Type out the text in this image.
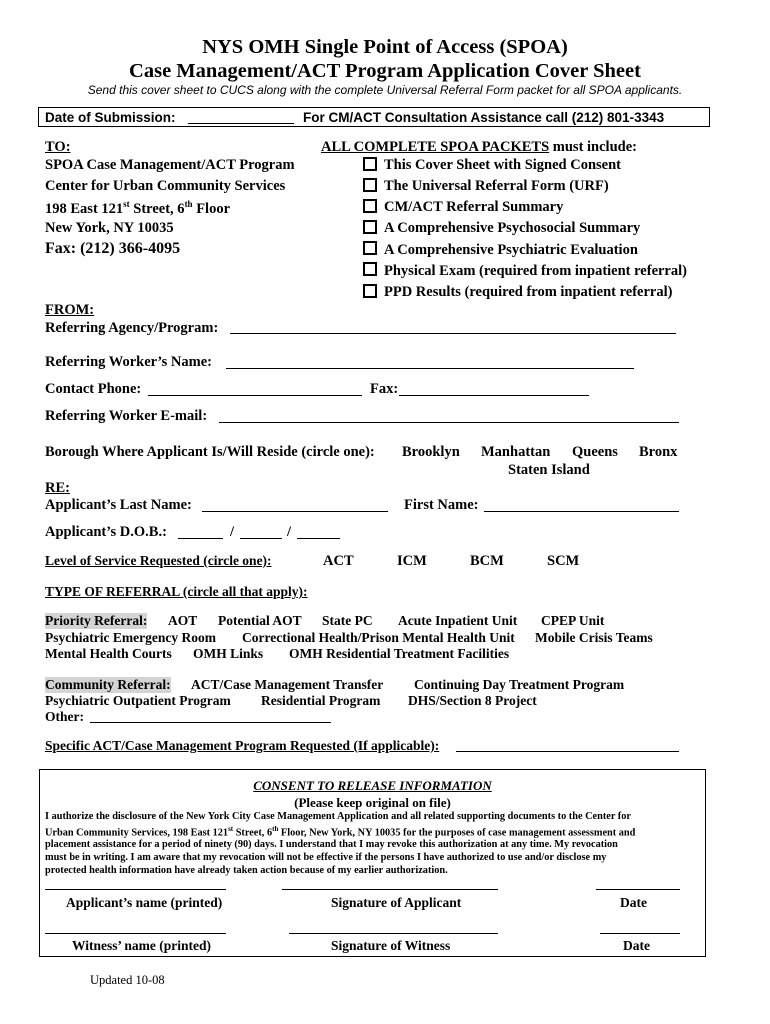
NYS OMH Single Point of Access (SPOA)
Case Management/ACT Program Application Cover Sheet
Send this cover sheet to CUCS along with the complete Universal Referral Form packet for all SPOA applicants.
Date of Submission:	For CM/ACT Consultation Assistance call (212) 801-3343
TO:
SPOA Case Management/ACT Program
Center for Urban Community Services
198 East 121st Street, 6th Floor
New York, NY 10035
Fax: (212) 366-4095
ALL COMPLETE SPOA PACKETS must include:
This Cover Sheet with Signed Consent
The Universal Referral Form (URF)
CM/ACT Referral Summary
A Comprehensive Psychosocial Summary
A Comprehensive Psychiatric Evaluation
Physical Exam (required from inpatient referral)
PPD Results (required from inpatient referral)
FROM:
Referring Agency/Program:
Referring Worker’s Name:
Contact Phone:	Fax:
Referring Worker E-mail:
Borough Where Applicant Is/Will Reside (circle one): Brooklyn Manhattan Queens Bronx
Staten Island
RE:
Applicant’s Last Name:	First Name:
Applicant’s D.O.B.:	/	/
Level of Service Requested (circle one):	ACT	ICM	BCM	SCM
TYPE OF REFERRAL (circle all that apply):
Priority Referral: AOT Potential AOT State PC Acute Inpatient Unit CPEP Unit
Psychiatric Emergency Room Correctional Health/Prison Mental Health Unit Mobile Crisis Teams
Mental Health Courts OMH Links OMH Residential Treatment Facilities
Community Referral: ACT/Case Management Transfer Continuing Day Treatment Program
Psychiatric Outpatient Program Residential Program DHS/Section 8 Project
Other:
Specific ACT/Case Management Program Requested (If applicable):
CONSENT TO RELEASE INFORMATION
(Please keep original on file)
I authorize the disclosure of the New York City Case Management Application and all related supporting documents to the Center for
Urban Community Services, 198 East 121st Street, 6th Floor, New York, NY 10035 for the purposes of case management assessment and
placement assistance for a period of ninety (90) days. I understand that I may revoke this authorization at any time. My revocation
must be in writing. I am aware that my revocation will not be effective if the persons I have authorized to use and/or disclose my
protected health information have already taken action because of my earlier authorization.
Applicant’s name (printed)	Signature of Applicant	Date
Witness’ name (printed)	Signature of Witness	Date
Updated 10-08
